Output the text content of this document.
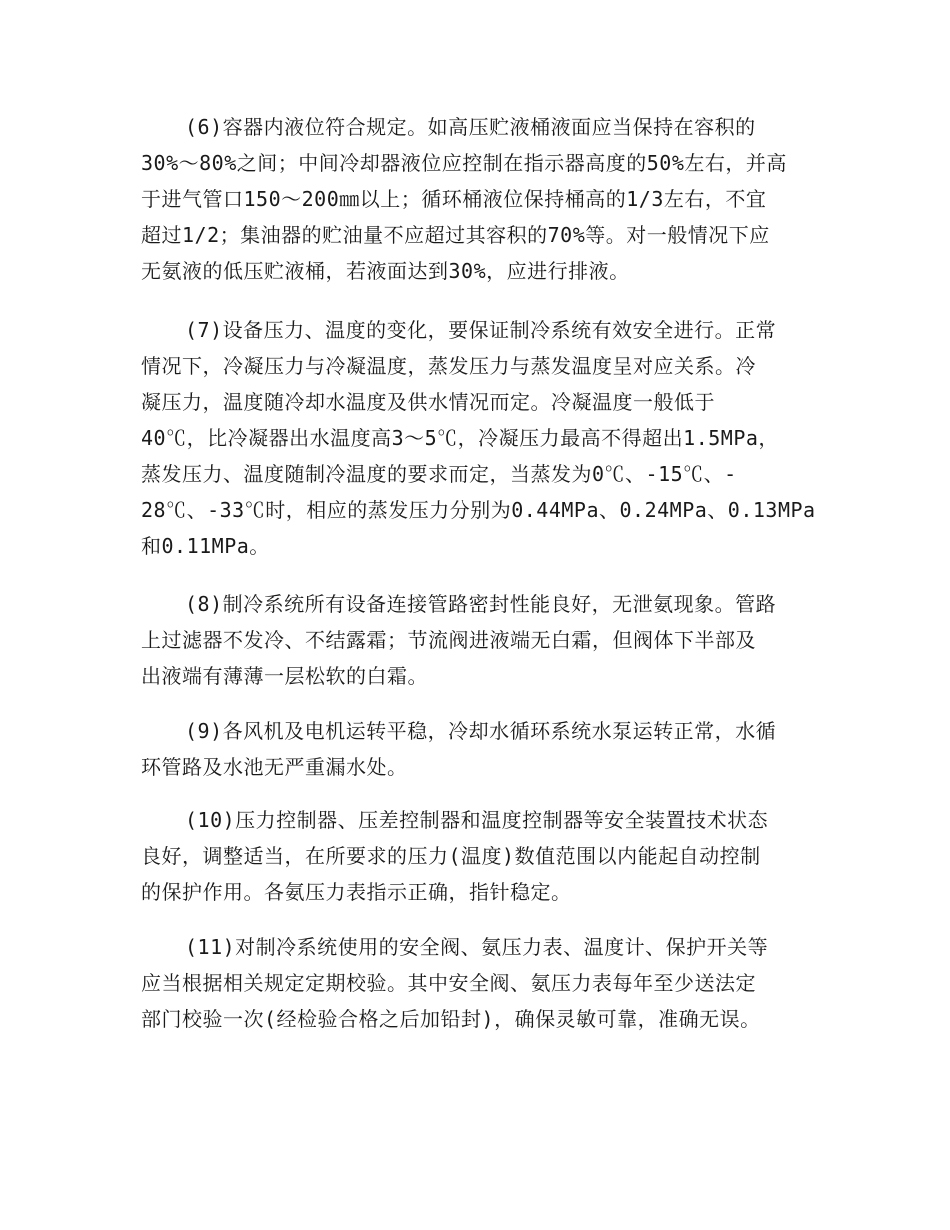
(6)容器内液位符合规定。如高压贮液桶液面应当保持在容积的
30%～80%之间；中间冷却器液位应控制在指示器高度的50%左右，并高
于进气管口150～200㎜以上；循环桶液位保持桶高的1/3左右，不宜
超过1/2；集油器的贮油量不应超过其容积的70%等。对一般情况下应
无氨液的低压贮液桶，若液面达到30%，应进行排液。
(7)设备压力、温度的变化，要保证制冷系统有效安全进行。正常
情况下，冷凝压力与冷凝温度，蒸发压力与蒸发温度呈对应关系。冷
凝压力，温度随冷却水温度及供水情况而定。冷凝温度一般低于
40℃，比冷凝器出水温度高3～5℃，冷凝压力最高不得超出1.5MPa，
蒸发压力、温度随制冷温度的要求而定，当蒸发为0℃、-15℃、-
28℃、-33℃时，相应的蒸发压力分别为0.44MPa、0.24MPa、0.13MPa
和0.11MPa。
(8)制冷系统所有设备连接管路密封性能良好，无泄氨现象。管路
上过滤器不发冷、不结露霜；节流阀进液端无白霜，但阀体下半部及
出液端有薄薄一层松软的白霜。
(9)各风机及电机运转平稳，冷却水循环系统水泵运转正常，水循
环管路及水池无严重漏水处。
(10)压力控制器、压差控制器和温度控制器等安全装置技术状态
良好，调整适当，在所要求的压力(温度)数值范围以内能起自动控制
的保护作用。各氨压力表指示正确，指针稳定。
(11)对制冷系统使用的安全阀、氨压力表、温度计、保护开关等
应当根据相关规定定期校验。其中安全阀、氨压力表每年至少送法定
部门校验一次(经检验合格之后加铅封)，确保灵敏可靠，准确无误。
